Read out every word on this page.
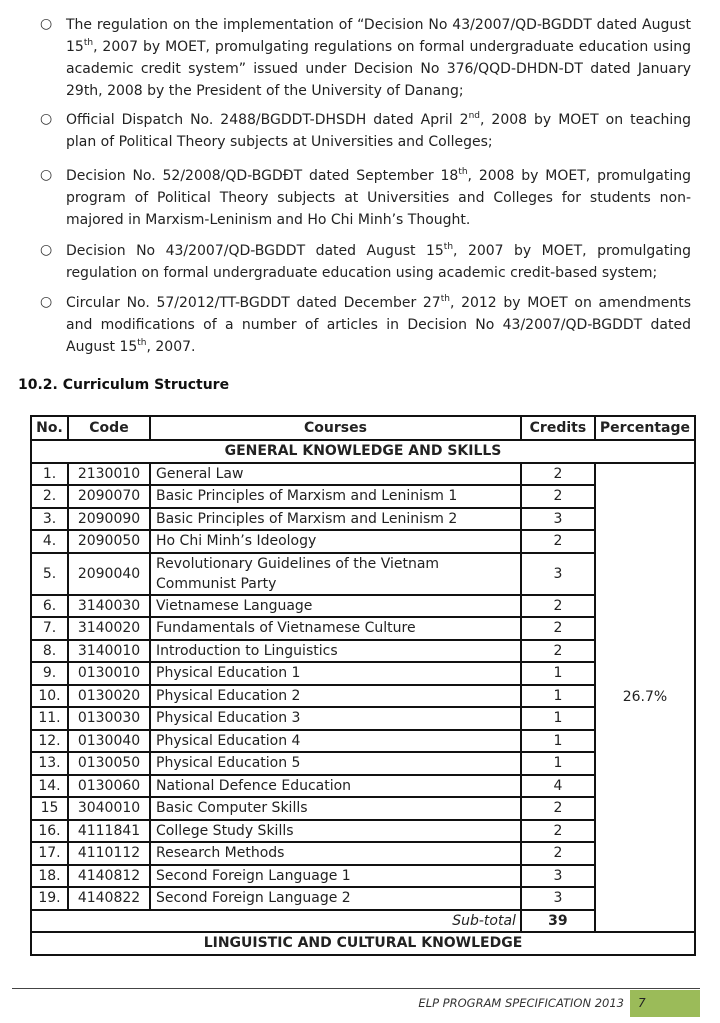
○ The regulation on the implementation of “Decision No 43/2007/QD-BGDDT dated August 15th, 2007 by MOET, promulgating regulations on formal undergraduate education using academic credit system” issued under Decision No 376/QQD-DHDN-DT dated January 29th, 2008 by the President of the University of Danang;
○ Official Dispatch No. 2488/BGDDT-DHSDH dated April 2nd, 2008 by MOET on teaching plan of Political Theory subjects at Universities and Colleges;
○ Decision No. 52/2008/QD-BGDĐT dated September 18th, 2008 by MOET, promulgating program of Political Theory subjects at Universities and Colleges for students non-majored in Marxism-Leninism and Ho Chi Minh’s Thought.
○ Decision No 43/2007/QD-BGDDT dated August 15th, 2007 by MOET, promulgating regulation on formal undergraduate education using academic credit-based system;
○ Circular No. 57/2012/TT-BGDDT dated December 27th, 2012 by MOET on amendments and modifications of a number of articles in Decision No 43/2007/QD-BGDDT dated August 15th, 2007.
10.2. Curriculum Structure
No.	Code	Courses	Credits	Percentage
GENERAL KNOWLEDGE AND SKILLS				
1.	2130010	General Law	2	26.7%
2.	2090070	Basic Principles of Marxism and Leninism 1	2	
3.	2090090	Basic Principles of Marxism and Leninism 2	3	
4.	2090050	Ho Chi Minh’s Ideology	2	
5.	2090040	Revolutionary Guidelines of the Vietnam Communist Party	3	
6.	3140030	Vietnamese Language	2	
7.	3140020	Fundamentals of Vietnamese Culture	2	
8.	3140010	Introduction to Linguistics	2	
9.	0130010	Physical Education 1	1	
10.	0130020	Physical Education 2	1	
11.	0130030	Physical Education 3	1	
12.	0130040	Physical Education 4	1	
13.	0130050	Physical Education 5	1	
14.	0130060	National Defence Education	4	
15	3040010	Basic Computer Skills	2	
16.	4111841	College Study Skills	2	
17.	4110112	Research Methods	2	
18.	4140812	Second Foreign Language 1	3	
19.	4140822	Second Foreign Language 2	3	
Sub-total			39	
LINGUISTIC AND CULTURAL KNOWLEDGE				
ELP PROGRAM SPECIFICATION 2013 7
